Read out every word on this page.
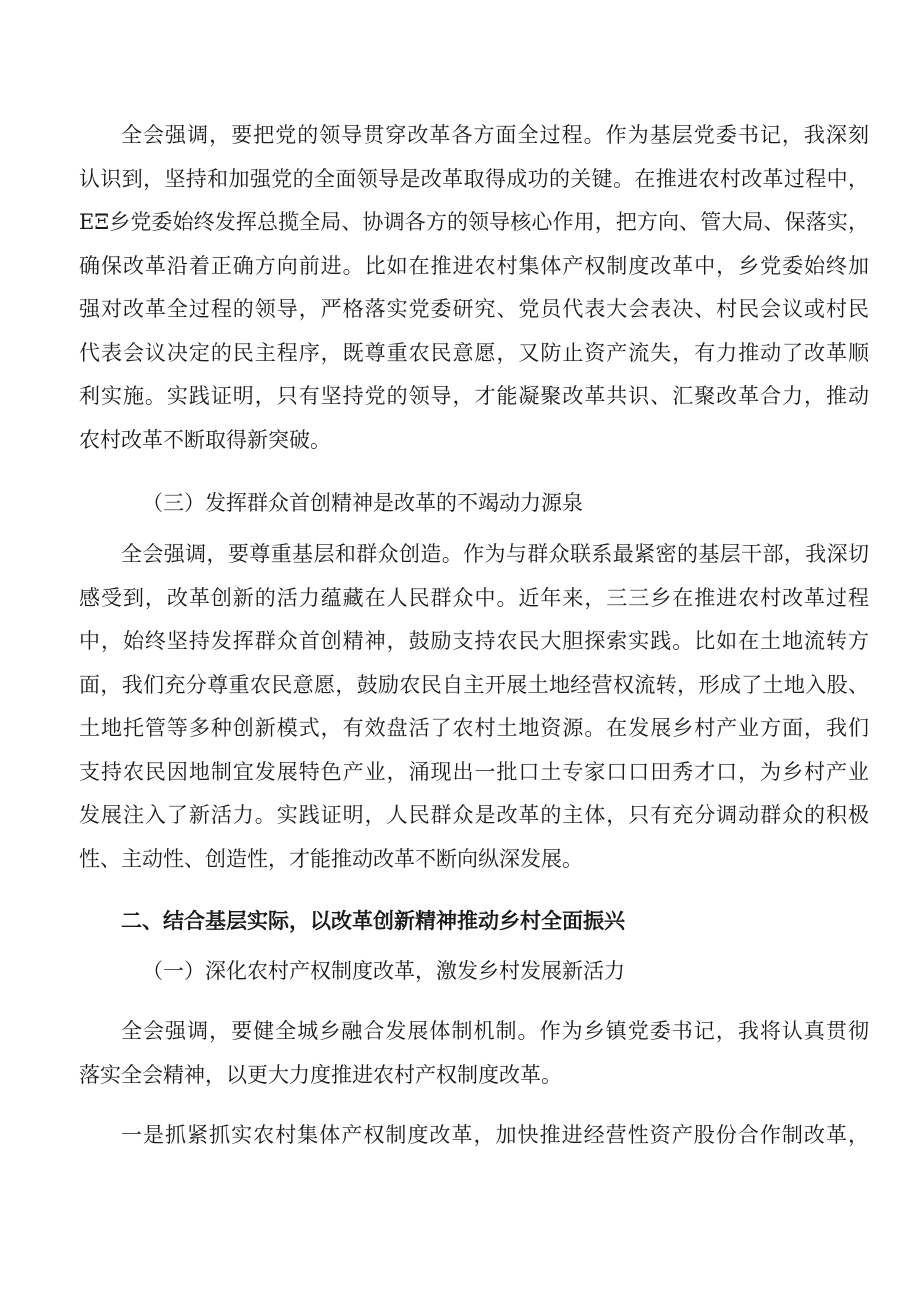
全会强调，要把党的领导贯穿改革各方面全过程。作为基层党委书记，我深刻
认识到，坚持和加强党的全面领导是改革取得成功的关键。在推进农村改革过程中，
EΞ乡党委始终发挥总揽全局、协调各方的领导核心作用，把方向、管大局、保落实，
确保改革沿着正确方向前进。比如在推进农村集体产权制度改革中，乡党委始终加
强对改革全过程的领导，严格落实党委研究、党员代表大会表决、村民会议或村民
代表会议决定的民主程序，既尊重农民意愿，又防止资产流失，有力推动了改革顺
利实施。实践证明，只有坚持党的领导，才能凝聚改革共识、汇聚改革合力，推动
农村改革不断取得新突破。
（三）发挥群众首创精神是改革的不竭动力源泉
全会强调，要尊重基层和群众创造。作为与群众联系最紧密的基层干部，我深切
感受到，改革创新的活力蕴藏在人民群众中。近年来，三三乡在推进农村改革过程
中，始终坚持发挥群众首创精神，鼓励支持农民大胆探索实践。比如在土地流转方
面，我们充分尊重农民意愿，鼓励农民自主开展土地经营权流转，形成了土地入股、
土地托管等多种创新模式，有效盘活了农村土地资源。在发展乡村产业方面，我们
支持农民因地制宜发展特色产业，涌现出一批口土专家口口田秀才口，为乡村产业
发展注入了新活力。实践证明，人民群众是改革的主体，只有充分调动群众的积极
性、主动性、创造性，才能推动改革不断向纵深发展。
二、结合基层实际，以改革创新精神推动乡村全面振兴
（一）深化农村产权制度改革，激发乡村发展新活力
全会强调，要健全城乡融合发展体制机制。作为乡镇党委书记，我将认真贯彻
落实全会精神，以更大力度推进农村产权制度改革。
一是抓紧抓实农村集体产权制度改革，加快推进经营性资产股份合作制改革，
